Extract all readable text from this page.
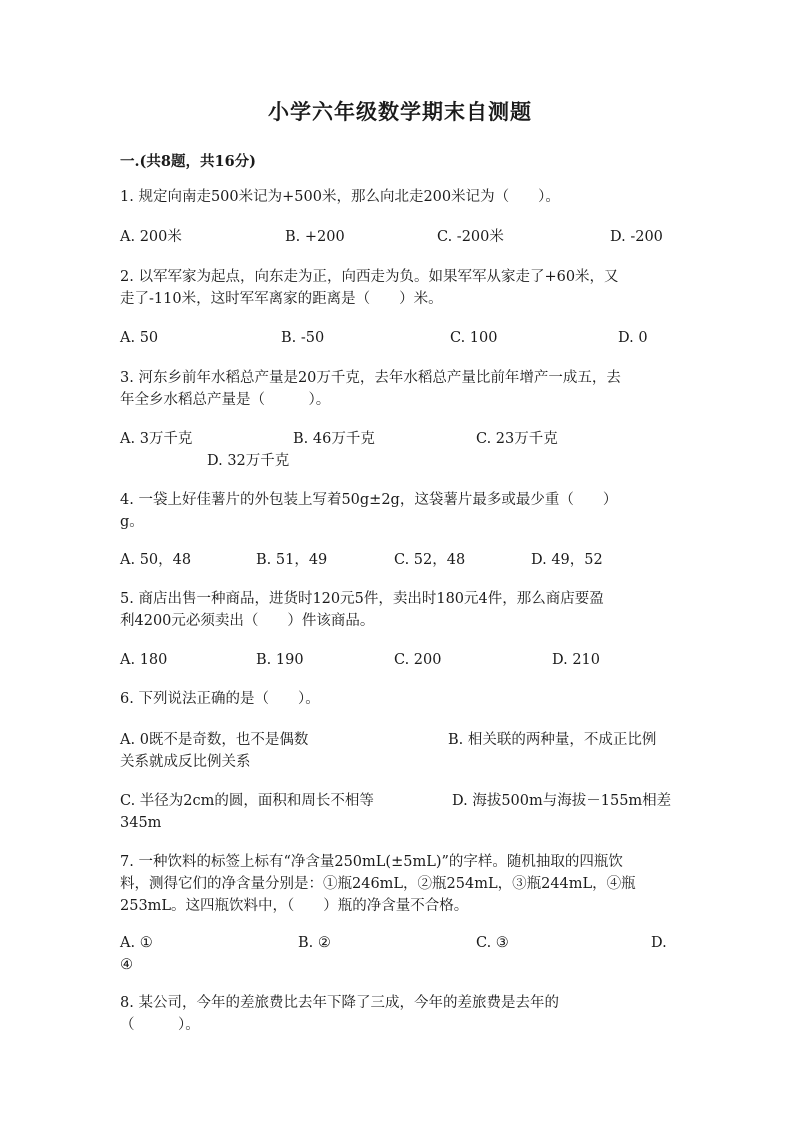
小学六年级数学期末自测题
一.(共8题，共16分)
1. 规定向南走500米记为+500米，那么向北走200米记为（　　）。
A. 200米	B. +200	C. -200米	D. -200
2. 以军军家为起点，向东走为正，向西走为负。如果军军从家走了+60米，又
走了-110米，这时军军离家的距离是（　　）米。
A. 50	B. -50	C. 100	D. 0
3. 河东乡前年水稻总产量是20万千克，去年水稻总产量比前年增产一成五，去
年全乡水稻总产量是（　　　）。
A. 3万千克	B. 46万千克	C. 23万千克
D. 32万千克
4. 一袋上好佳薯片的外包装上写着50g±2g，这袋薯片最多或最少重（　　）
g。
A. 50，48	B. 51，49	C. 52，48	D. 49，52
5. 商店出售一种商品，进货时120元5件，卖出时180元4件，那么商店要盈
利4200元必须卖出（　　）件该商品。
A. 180	B. 190	C. 200	D. 210
6. 下列说法正确的是（　　）。
A. 0既不是奇数，也不是偶数	B. 相关联的两种量，不成正比例
关系就成反比例关系
C. 半径为2cm的圆，面积和周长不相等	D. 海拔500m与海拔－155m相差
345m
7. 一种饮料的标签上标有“净含量250mL(±5mL)”的字样。随机抽取的四瓶饮
料，测得它们的净含量分别是：①瓶246mL，②瓶254mL，③瓶244mL，④瓶
253mL。这四瓶饮料中，（　　）瓶的净含量不合格。
A. ①	B. ②	C. ③	D.
④
8. 某公司，今年的差旅费比去年下降了三成，今年的差旅费是去年的
（　　　）。
